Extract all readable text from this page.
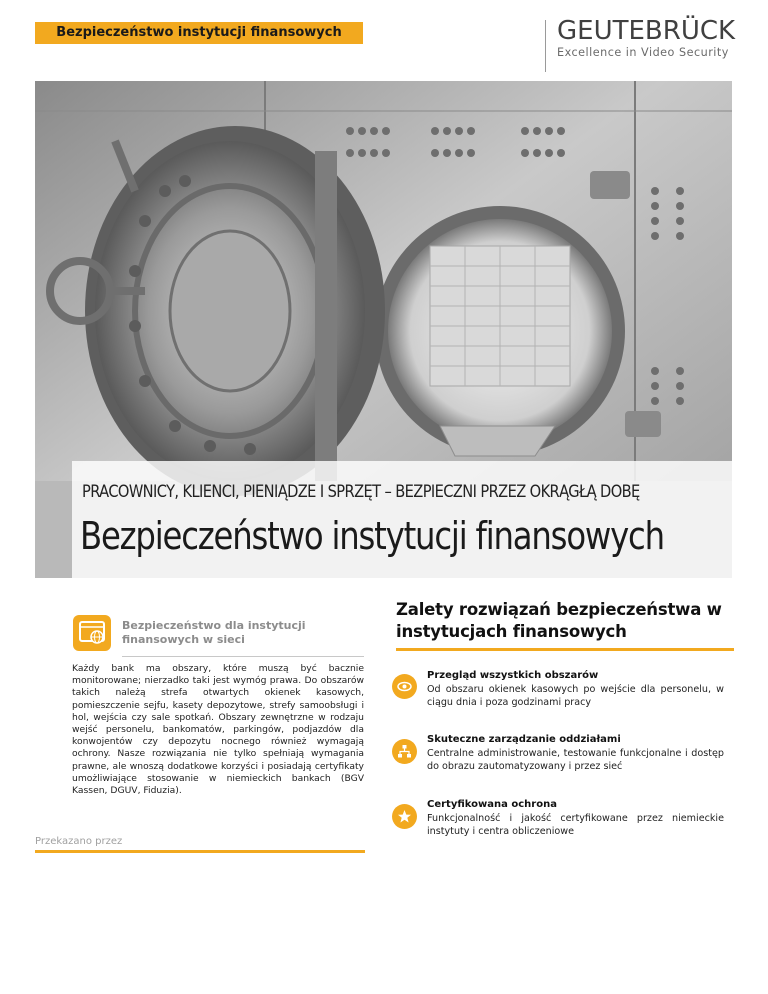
Bezpieczeństwo instytucji finansowych	GEUTEBRÜCK
Excellence in Video Security
PRACOWNICY, KLIENCI, PIENIĄDZE I SPRZĘT – BEZPIECZNI PRZEZ OKRĄGŁĄ DOBĘ
Bezpieczeństwo instytucji finansowych
Bezpieczeństwo dla instytucji finansowych w sieci
Każdy bank ma obszary, które muszą być bacznie monitorowane; nierzadko taki jest wymóg prawa. Do obszarów takich należą strefa otwartych okienek kasowych, pomieszczenie sejfu, kasety depozytowe, strefy samoobsługi i hol, wejścia czy sale spotkań. Obszary zewnętrzne w rodzaju wejść personelu, bankomatów, parkingów, podjazdów dla konwojentów czy depozytu nocnego również wymagają ochrony. Nasze rozwiązania nie tylko spełniają wymagania prawne, ale wnoszą dodatkowe korzyści i posiadają certyfikaty umożliwiające stosowanie w niemieckich bankach (BGV Kassen, DGUV, Fiduzia).
Przekazano przez
Zalety rozwiązań bezpieczeństwa w instytucjach finansowych
Przegląd wszystkich obszarów
Od obszaru okienek kasowych po wejście dla personelu, w ciągu dnia i poza godzinami pracy
Skuteczne zarządzanie oddziałami
Centralne administrowanie, testowanie funkcjonalne i dostęp do obrazu zautomatyzowany i przez sieć
Certyfikowana ochrona
Funkcjonalność i jakość certyfikowane przez niemieckie instytuty i centra obliczeniowe
